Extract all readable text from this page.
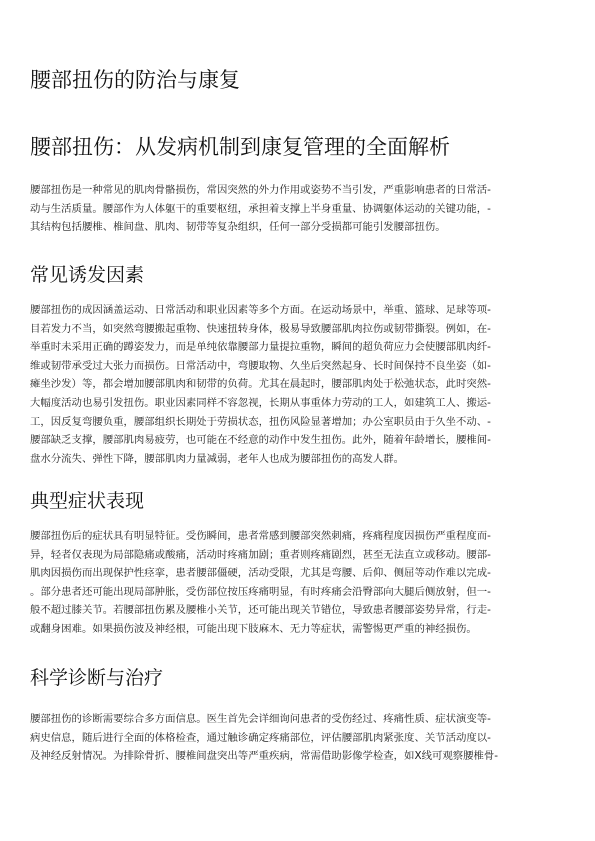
腰部扭伤的防治与康复
腰部扭伤：从发病机制到康复管理的全面解析

腰部扭伤是一种常见的肌肉骨骼损伤，常因突然的外力作用或姿势不当引发，严重影响患者的日常活-
动与生活质量。腰部作为人体躯干的重要枢纽，承担着支撑上半身重量、协调躯体运动的关键功能，-
其结构包括腰椎、椎间盘、肌肉、韧带等复杂组织，任何一部分受损都可能引发腰部扭伤。

常见诱发因素

腰部扭伤的成因涵盖运动、日常活动和职业因素等多个方面。在运动场景中，举重、篮球、足球等项-
目若发力不当，如突然弯腰搬起重物、快速扭转身体，极易导致腰部肌肉拉伤或韧带撕裂。例如，在-
举重时未采用正确的蹲姿发力，而是单纯依靠腰部力量提拉重物，瞬间的超负荷应力会使腰部肌肉纤-
维或韧带承受过大张力而损伤。日常活动中，弯腰取物、久坐后突然起身、长时间保持不良坐姿（如-
瘫坐沙发）等，都会增加腰部肌肉和韧带的负荷。尤其在晨起时，腰部肌肉处于松弛状态，此时突然-
大幅度活动也易引发扭伤。职业因素同样不容忽视，长期从事重体力劳动的工人，如建筑工人、搬运-
工，因反复弯腰负重，腰部组织长期处于劳损状态，扭伤风险显著增加；办公室职员由于久坐不动、-
腰部缺乏支撑，腰部肌肉易疲劳，也可能在不经意的动作中发生扭伤。此外，随着年龄增长，腰椎间-
盘水分流失、弹性下降，腰部肌肉力量减弱，老年人也成为腰部扭伤的高发人群。

典型症状表现

腰部扭伤后的症状具有明显特征。受伤瞬间，患者常感到腰部突然刺痛，疼痛程度因损伤严重程度而-
异，轻者仅表现为局部隐痛或酸痛，活动时疼痛加剧；重者则疼痛剧烈，甚至无法直立或移动。腰部-
肌肉因损伤而出现保护性痉挛，患者腰部僵硬，活动受限，尤其是弯腰、后仰、侧屈等动作难以完成-
。部分患者还可能出现局部肿胀，受伤部位按压疼痛明显，有时疼痛会沿臀部向大腿后侧放射，但一-
般不超过膝关节。若腰部扭伤累及腰椎小关节，还可能出现关节错位，导致患者腰部姿势异常，行走-
或翻身困难。如果损伤波及神经根，可能出现下肢麻木、无力等症状，需警惕更严重的神经损伤。

科学诊断与治疗

腰部扭伤的诊断需要综合多方面信息。医生首先会详细询问患者的受伤经过、疼痛性质、症状演变等-
病史信息，随后进行全面的体格检查，通过触诊确定疼痛部位，评估腰部肌肉紧张度、关节活动度以-
及神经反射情况。为排除骨折、腰椎间盘突出等严重疾病，常需借助影像学检查，如X线可观察腰椎骨-
